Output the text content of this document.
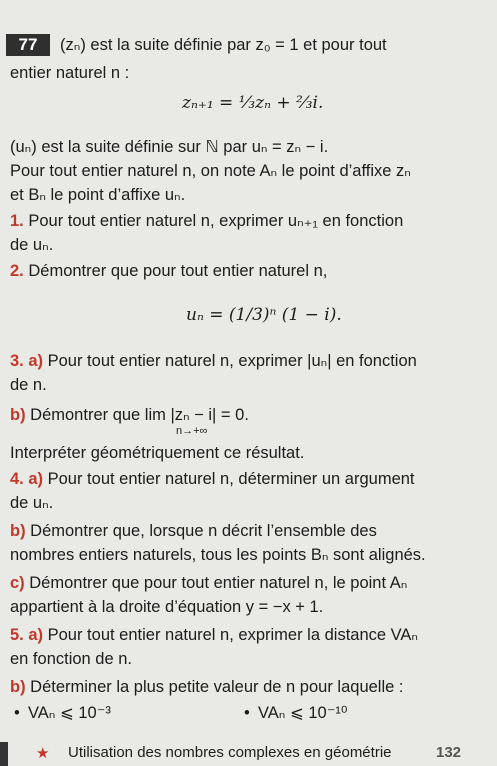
77	(zₙ) est la suite définie par z₀ = 1 et pour tout
entier naturel n :
zₙ₊₁ = ⅓zₙ + ⅔i.
(uₙ) est la suite définie sur ℕ par uₙ = zₙ − i.
Pour tout entier naturel n, on note Aₙ le point d’affixe zₙ
et Bₙ le point d’affixe uₙ.
1. Pour tout entier naturel n, exprimer uₙ₊₁ en fonction
de uₙ.
2. Démontrer que pour tout entier naturel n,
uₙ = (1/3)ⁿ (1 − i).
3. a) Pour tout entier naturel n, exprimer |uₙ| en fonction
de n.
b) Démontrer que lim |zₙ − i| = 0.
n→+∞
Interpréter géométriquement ce résultat.
4. a) Pour tout entier naturel n, déterminer un argument
de uₙ.
b) Démontrer que, lorsque n décrit l’ensemble des
nombres entiers naturels, tous les points Bₙ sont alignés.
c) Démontrer que pour tout entier naturel n, le point Aₙ
appartient à la droite d’équation y = −x + 1.
5. a) Pour tout entier naturel n, exprimer la distance VAₙ
en fonction de n.
b) Déterminer la plus petite valeur de n pour laquelle :
• VAₙ ⩽ 10⁻³	• VAₙ ⩽ 10⁻¹⁰
★ Utilisation des nombres complexes en géométrie	132
